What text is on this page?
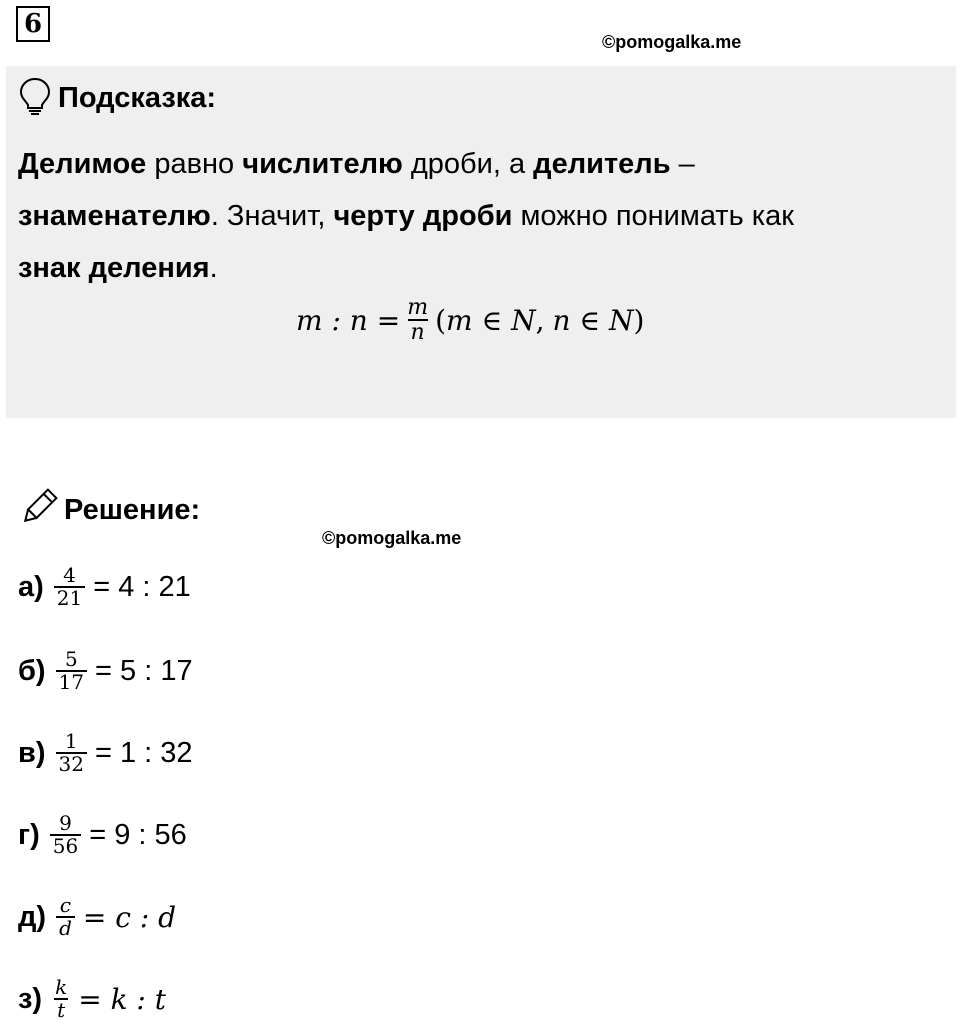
6
©pomogalka.me
Подсказка:

Делимое равно числителю дроби, а делитель –
знаменателю. Значит, черту дроби можно понимать как
знак деления.

m : $n = \frac{m}{n}$ ( m ∈ N , n ∈ N )
Решение:
©pomogalka.me
$а) \frac{4}{21} = 4$ : 21
$б) \frac{5}{17} = 5$ : 17
$в) \frac{1}{32} = 1$ : 32
$г) \frac{9}{56} = 9$ : 56
$д) \frac{c}{d} = c$ : d
$з) \frac{k}{t} = k$ : t
